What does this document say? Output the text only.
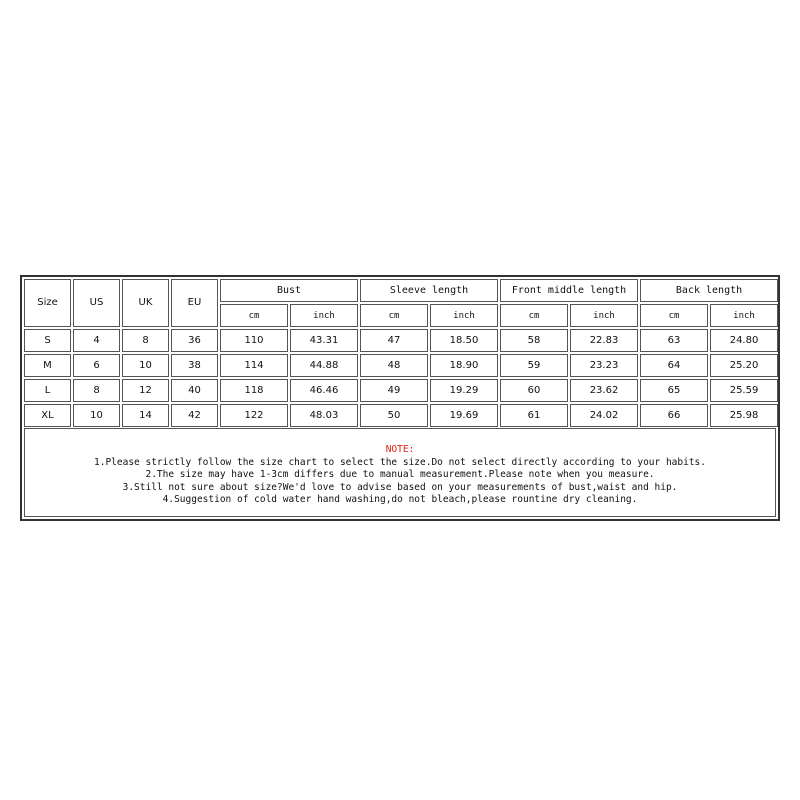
Size	US	UK	EU	Bust		Sleeve length		Front middle length		Back length	
				cm	inch	cm	inch	cm	inch	cm	inch
S	4	8	36	110	43.31	47	18.50	58	22.83	63	24.80
M	6	10	38	114	44.88	48	18.90	59	23.23	64	25.20
L	8	12	40	118	46.46	49	19.29	60	23.62	65	25.59
XL	10	14	42	122	48.03	50	19.69	61	24.02	66	25.98
NOTE:
1.Please strictly follow the size chart to select the size.Do not select directly according to your habits.
2.The size may have 1-3cm differs due to manual measurement.Please note when you measure.
3.Still not sure about size?We'd love to advise based on your measurements of bust,waist and hip.
4.Suggestion of cold water hand washing,do not bleach,please rountine dry cleaning.
